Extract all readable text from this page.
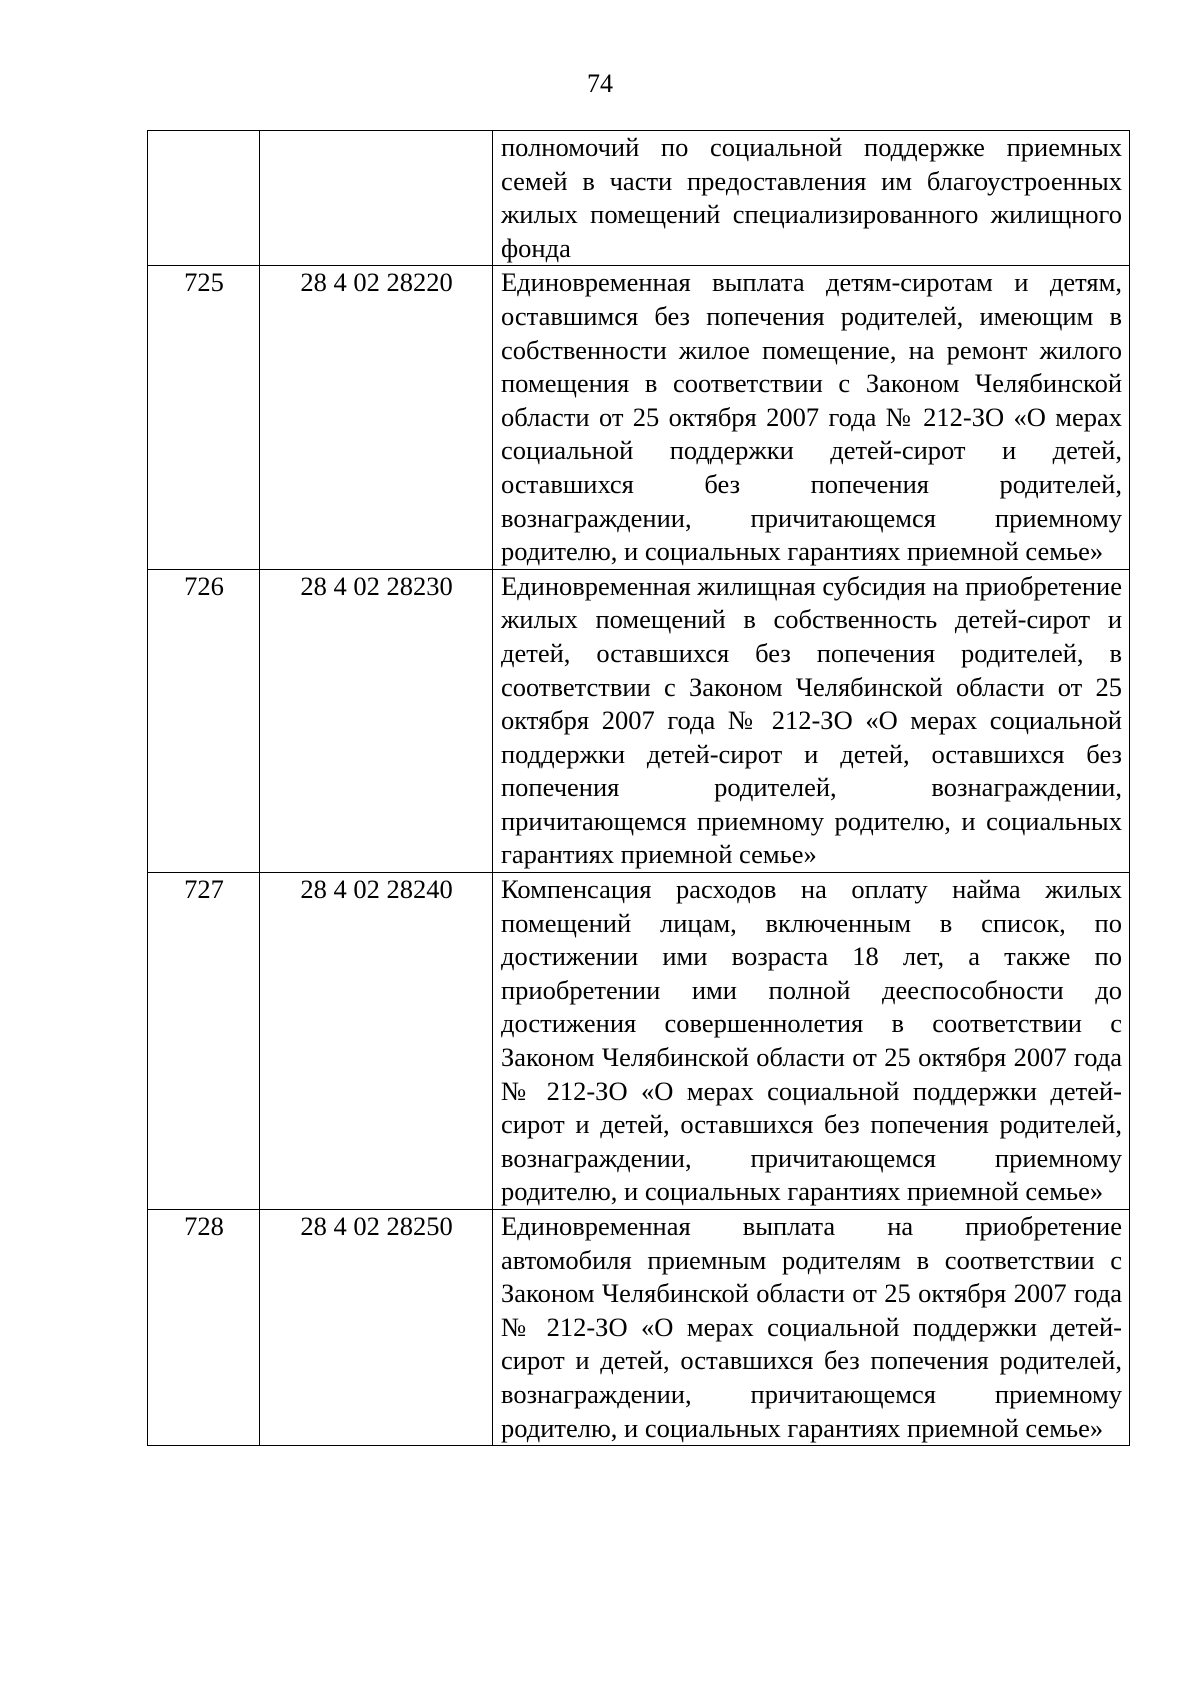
74
		полномочий по социальной поддержке приемных семей в части предоставления им благоустроенных жилых помещений специализированного жилищного фонда
725	28 4 02 28220	Единовременная выплата детям-сиротам и детям, оставшимся без попечения родителей, имеющим в собственности жилое помещение, на ремонт жилого помещения в соответствии с Законом Челябинской области от 25 октября 2007 года № 212-ЗО «О мерах социальной поддержки детей-сирот и детей, оставшихся без попечения родителей, вознаграждении, причитающемся приемному родителю, и социальных гарантиях приемной семье»
726	28 4 02 28230	Единовременная жилищная субсидия на приобретение жилых помещений в собственность детей-сирот и детей, оставшихся без попечения родителей, в соответствии с Законом Челябинской области от 25 октября 2007 года № 212-ЗО «О мерах социальной поддержки детей-сирот и детей, оставшихся без попечения родителей, вознаграждении, причитающемся приемному родителю, и социальных гарантиях приемной семье»
727	28 4 02 28240	Компенсация расходов на оплату найма жилых помещений лицам, включенным в список, по достижении ими возраста 18 лет, а также по приобретении ими полной дееспособности до достижения совершеннолетия в соответствии с Законом Челябинской области от 25 октября 2007 года № 212-ЗО «О мерах социальной поддержки детей-сирот и детей, оставшихся без попечения родителей, вознаграждении, причитающемся приемному родителю, и социальных гарантиях приемной семье»
728	28 4 02 28250	Единовременная выплата на приобретение автомобиля приемным родителям в соответствии с Законом Челябинской области от 25 октября 2007 года № 212-ЗО «О мерах социальной поддержки детей-сирот и детей, оставшихся без попечения родителей, вознаграждении, причитающемся приемному родителю, и социальных гарантиях приемной семье»
